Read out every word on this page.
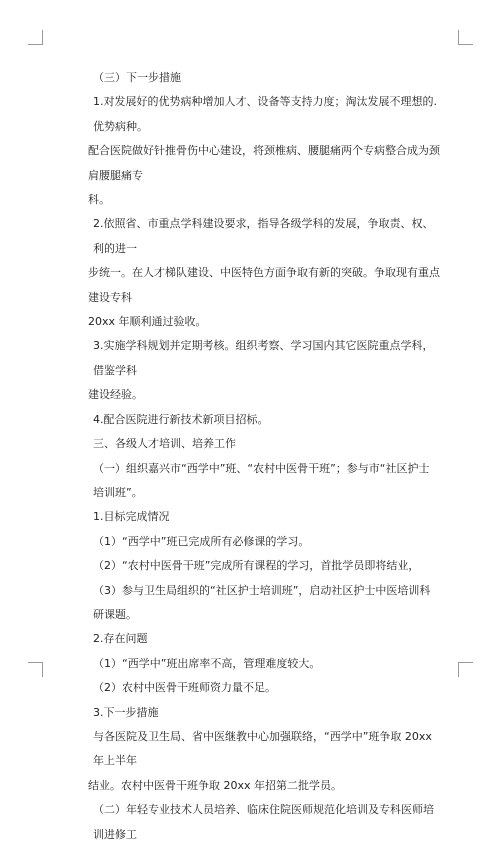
（三）下一步措施

1.对发展好的优势病种增加人才、设备等支持力度；淘汰发展不理想的.优势病种。

配合医院做好针推骨伤中心建设，将颈椎病、腰腿痛两个专病整合成为颈肩腰腿痛专

科。

2.依照省、市重点学科建设要求，指导各级学科的发展，争取责、权、利的进一

步统一。在人才梯队建设、中医特色方面争取有新的突破。争取现有重点建设专科

20xx 年顺利通过验收。

3.实施学科规划并定期考核。组织考察、学习国内其它医院重点学科，借鉴学科

建设经验。

4.配合医院进行新技术新项目招标。

三、各级人才培训、培养工作

（一）组织嘉兴市“西学中”班、“农村中医骨干班”；参与市“社区护士培训班”。

1.目标完成情况

（1）“西学中”班已完成所有必修课的学习。

（2）“农村中医骨干班”完成所有课程的学习，首批学员即将结业，

（3）参与卫生局组织的“社区护士培训班”，启动社区护士中医培训科研课题。

2.存在问题

（1）“西学中”班出席率不高，管理难度较大。

（2）农村中医骨干班师资力量不足。

3.下一步措施

与各医院及卫生局、省中医继教中心加强联络，“西学中”班争取 20xx 年上半年

结业。农村中医骨干班争取 20xx 年招第二批学员。

（二）年轻专业技术人员培养、临床住院医师规范化培训及专科医师培训进修工
